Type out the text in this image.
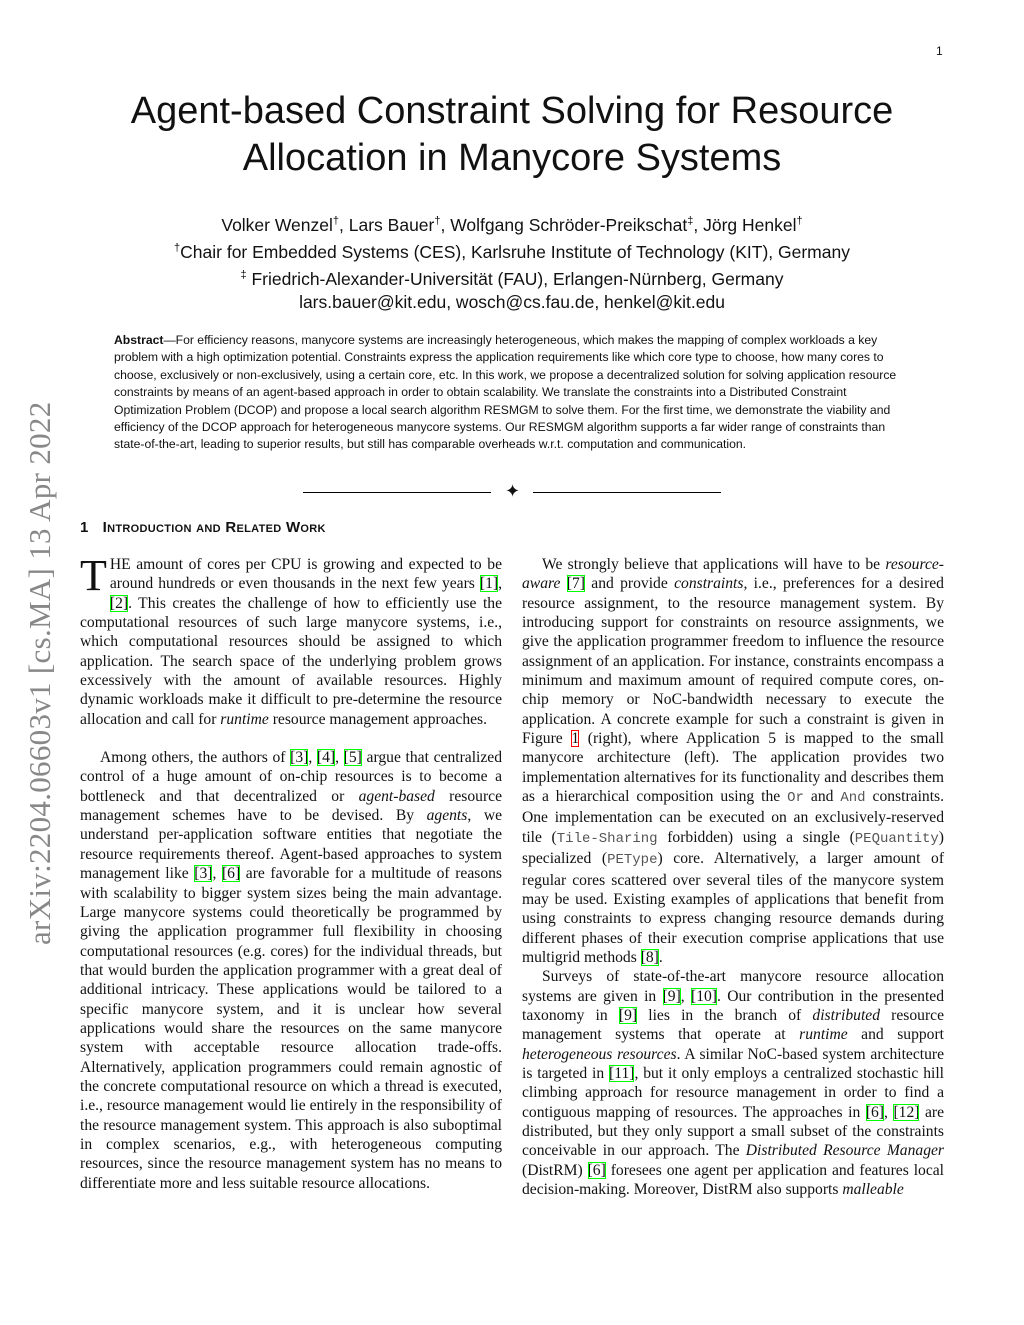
1
arXiv:2204.06603v1 [cs.MA] 13 Apr 2022
Agent-based Constraint Solving for Resource
Allocation in Manycore Systems
Volker Wenzel†, Lars Bauer†, Wolfgang Schröder-Preikschat‡, Jörg Henkel†
†Chair for Embedded Systems (CES), Karlsruhe Institute of Technology (KIT), Germany
‡ Friedrich-Alexander-Universität (FAU), Erlangen-Nürnberg, Germany
lars.bauer@kit.edu, wosch@cs.fau.de, henkel@kit.edu
Abstract—For efficiency reasons, manycore systems are increasingly heterogeneous, which makes the mapping of complex workloads a key problem with a high optimization potential. Constraints express the application requirements like which core type to choose, how many cores to choose, exclusively or non-exclusively, using a certain core, etc. In this work, we propose a decentralized solution for solving application resource constraints by means of an agent-based approach in order to obtain scalability. We translate the constraints into a Distributed Constraint Optimization Problem (DCOP) and propose a local search algorithm RESMGM to solve them. For the first time, we demonstrate the viability and efficiency of the DCOP approach for heterogeneous manycore systems. Our RESMGM algorithm supports a far wider range of constraints than state-of-the-art, leading to superior results, but still has comparable overheads w.r.t. computation and communication.
✦
1 Introduction and Related Work

THE amount of cores per CPU is growing and expected to be around hundreds or even thousands in the next few years [1], [2]. This creates the challenge of how to efficiently use the computational resources of such large manycore systems, i.e., which computational resources should be assigned to which application. The search space of the underlying problem grows excessively with the amount of available resources. Highly dynamic workloads make it difficult to pre-determine the resource allocation and call for runtime resource management approaches.

Among others, the authors of [3], [4], [5] argue that centralized control of a huge amount of on-chip resources is to become a bottleneck and that decentralized or agent-based resource management schemes have to be devised. By agents, we understand per-application software entities that negotiate the resource requirements thereof. Agent-based approaches to system management like [3], [6] are favorable for a multitude of reasons with scalability to bigger system sizes being the main advantage. Large manycore systems could theoretically be programmed by giving the application programmer full flexibility in choosing computational resources (e.g. cores) for the individual threads, but that would burden the application programmer with a great deal of additional intricacy. These applications would be tailored to a specific manycore system, and it is unclear how several applications would share the resources on the same manycore system with acceptable resource allocation trade-offs. Alternatively, application programmers could remain agnostic of the concrete computational resource on which a thread is executed, i.e., resource management would lie entirely in the responsibility of the resource management system. This approach is also suboptimal in complex scenarios, e.g., with heterogeneous computing resources, since the resource management system has no means to differentiate more and less suitable resource allocations.

We strongly believe that applications will have to be resource-aware [7] and provide constraints, i.e., preferences for a desired resource assignment, to the resource management system. By introducing support for constraints on resource assignments, we give the application programmer freedom to influence the resource assignment of an application. For instance, constraints encompass a minimum and maximum amount of required compute cores, on-chip memory or NoC-bandwidth necessary to execute the application. A concrete example for such a constraint is given in Figure 1 (right), where Application 5 is mapped to the small manycore architecture (left). The application provides two implementation alternatives for its functionality and describes them as a hierarchical composition using the Or and And constraints. One implementation can be executed on an exclusively-reserved tile (Tile-Sharing forbidden) using a single (PEQuantity) specialized (PEType) core. Alternatively, a larger amount of regular cores scattered over several tiles of the manycore system may be used. Existing examples of applications that benefit from using constraints to express changing resource demands during different phases of their execution comprise applications that use multigrid methods [8].

Surveys of state-of-the-art manycore resource allocation systems are given in [9], [10]. Our contribution in the presented taxonomy in [9] lies in the branch of distributed resource management systems that operate at runtime and support heterogeneous resources. A similar NoC-based system architecture is targeted in [11], but it only employs a centralized stochastic hill climbing approach for resource management in order to find a contiguous mapping of resources. The approaches in [6], [12] are distributed, but they only support a small subset of the constraints conceivable in our approach. The Distributed Resource Manager (DistRM) [6] foresees one agent per application and features local decision-making. Moreover, DistRM also supports malleable
